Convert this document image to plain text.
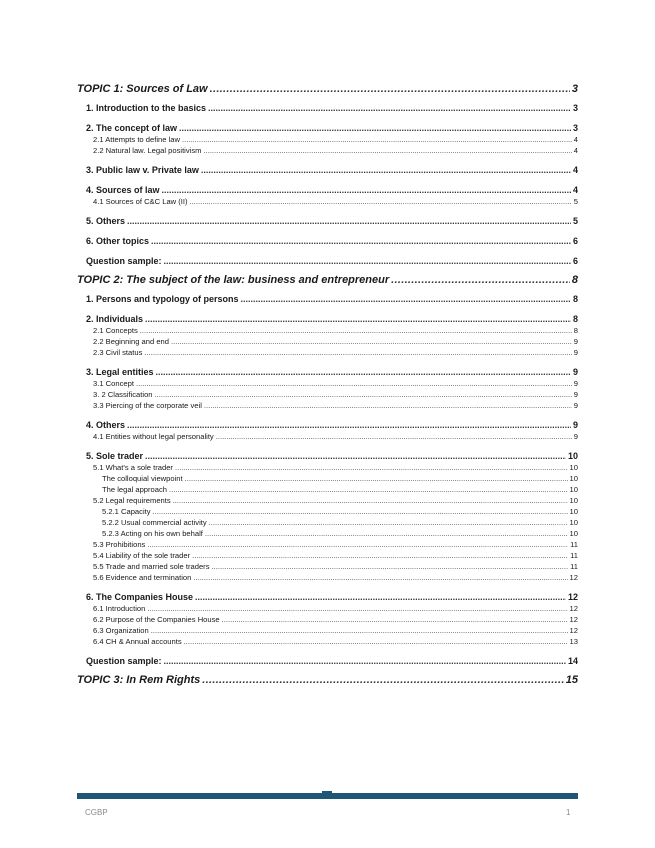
TOPIC 1: Sources of Law .....	3
1. Introduction to the basics .....	3
2. The concept of law .....	3
2.1 Attempts to define law .....	4
2.2 Natural law. Legal positivism .....	4
3. Public law v. Private law .....	4
4. Sources of law .....	4
4.1 Sources of C&C Law (II) .....	5
5. Others .....	5
6. Other topics .....	6
Question sample: .....	6
TOPIC 2: The subject of the law: business and entrepreneur .....	8
1. Persons and typology of persons .....	8
2. Individuals .....	8
2.1 Concepts .....	8
2.2 Beginning and end .....	9
2.3 Civil status .....	9
3. Legal entities .....	9
3.1 Concept .....	9
3. 2 Classification .....	9
3.3 Piercing of the corporate veil .....	9
4. Others .....	9
4.1 Entities without legal personality .....	9
5. Sole trader .....	10
5.1 What's a sole trader .....	10
The colloquial viewpoint .....	10
The legal approach .....	10
5.2 Legal requirements .....	10
5.2.1 Capacity .....	10
5.2.2 Usual commercial activity .....	10
5.2.3 Acting on his own behalf .....	10
5.3 Prohibitions .....	11
5.4 Liability of the sole trader .....	11
5.5 Trade and married sole traders .....	11
5.6 Evidence and termination .....	12
6. The Companies House .....	12
6.1 Introduction .....	12
6.2 Purpose of the Companies House .....	12
6.3 Organization .....	12
6.4 CH & Annual accounts .....	13
Question sample: .....	14
TOPIC 3: In Rem Rights .....	15
CGBP	1
